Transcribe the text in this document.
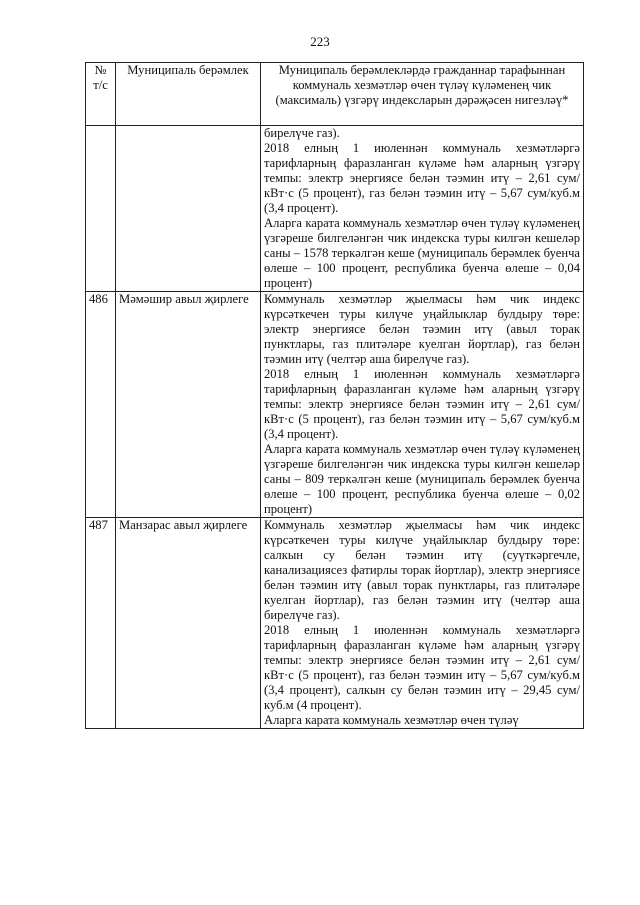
223
№ т/с	Муниципаль берәмлек	Муниципаль берәмлекләрдә гражданнар тарафыннан коммуналь хезмәтләр өчен түләү күләменең чик (максималь) үзгәрү индексларын дәрәҗәсен нигезләү*

		бирелүче газ).

2018 елның 1 июленнән коммуналь хезмәтләргә тарифларның фаразланган күләме һәм аларның үзгәрү темпы: электр энергиясе белән тәэмин итү – 2,61 сум/кВт·с (5 процент), газ белән тәэмин итү – 5,67 сум/куб.м (3,4 процент).

Аларга карата коммуналь хезмәтләр өчен түләү күләменең үзгәреше билгеләнгән чик индекска туры килгән кешеләр саны – 1578 теркәлгән кеше (муниципаль берәмлек буенча өлеше – 100 процент, республика буенча өлеше – 0,04 процент)

486	Мәмәшир авыл җирлеге	Коммуналь хезмәтләр җыелмасы һәм чик индекс күрсәткечен туры килүче уңайлыклар булдыру төре: электр энергиясе белән тәэмин итү (авыл торак пунктлары, газ плитәләре куелган йортлар), газ белән тәэмин итү (челтәр аша бирелүче газ).

2018 елның 1 июленнән коммуналь хезмәтләргә тарифларның фаразланган күләме һәм аларның үзгәрү темпы: электр энергиясе белән тәэмин итү – 2,61 сум/кВт·с (5 процент), газ белән тәэмин итү – 5,67 сум/куб.м (3,4 процент).

Аларга карата коммуналь хезмәтләр өчен түләү күләменең үзгәреше билгеләнгән чик индекска туры килгән кешеләр саны – 809 теркәлгән кеше (муниципаль берәмлек буенча өлеше – 100 процент, республика буенча өлеше – 0,02 процент)

487	Манзарас авыл җирлеге	Коммуналь хезмәтләр җыелмасы һәм чик индекс күрсәткечен туры килүче уңайлыклар булдыру төре: салкын су белән тәэмин итү (суүткәргечле, канализациясез фатирлы торак йортлар), электр энергиясе белән тәэмин итү (авыл торак пунктлары, газ плитәләре куелган йортлар), газ белән тәэмин итү (челтәр аша бирелүче газ).

2018 елның 1 июленнән коммуналь хезмәтләргә тарифларның фаразланган күләме һәм аларның үзгәрү темпы: электр энергиясе белән тәэмин итү – 2,61 сум/кВт·с (5 процент), газ белән тәэмин итү – 5,67 сум/куб.м (3,4 процент), салкын су белән тәэмин итү – 29,45 сум/куб.м (4 процент).

Аларга карата коммуналь хезмәтләр өчен түләү
